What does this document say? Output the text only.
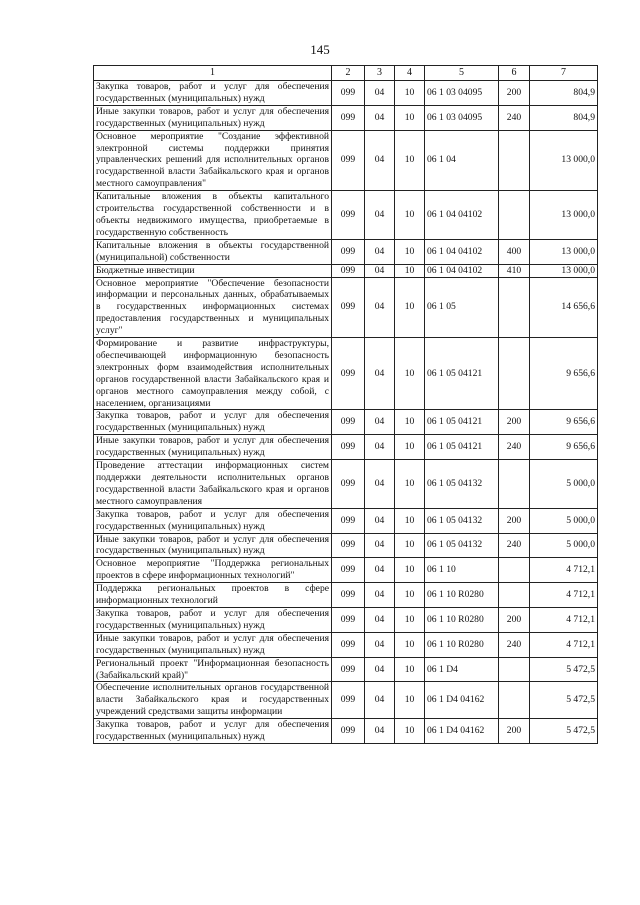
145
1	2	3	4	5	6	7
Закупка товаров, работ и услуг для обеспечения государственных (муниципальных) нужд	099	04	10	06 1 03 04095	200	804,9
Иные закупки товаров, работ и услуг для обеспечения государственных (муниципальных) нужд	099	04	10	06 1 03 04095	240	804,9
Основное мероприятие "Создание эффективной электронной системы поддержки принятия управленческих решений для исполнительных органов государственной власти Забайкальского края и органов местного самоуправления"	099	04	10	06 1 04		13 000,0
Капитальные вложения в объекты капитального строительства государственной собственности и в объекты недвижимого имущества, приобретаемые в государственную собственность	099	04	10	06 1 04 04102		13 000,0
Капитальные вложения в объекты государственной (муниципальной) собственности	099	04	10	06 1 04 04102	400	13 000,0
Бюджетные инвестиции	099	04	10	06 1 04 04102	410	13 000,0
Основное мероприятие "Обеспечение безопасности информации и персональных данных, обрабатываемых в государственных информационных системах предоставления государственных и муниципальных услуг"	099	04	10	06 1 05		14 656,6
Формирование и развитие инфраструктуры, обеспечивающей информационную безопасность электронных форм взаимодействия исполнительных органов государственной власти Забайкальского края и органов местного самоуправления между собой, с населением, организациями	099	04	10	06 1 05 04121		9 656,6
Закупка товаров, работ и услуг для обеспечения государственных (муниципальных) нужд	099	04	10	06 1 05 04121	200	9 656,6
Иные закупки товаров, работ и услуг для обеспечения государственных (муниципальных) нужд	099	04	10	06 1 05 04121	240	9 656,6
Проведение аттестации информационных систем поддержки деятельности исполнительных органов государственной власти Забайкальского края и органов местного самоуправления	099	04	10	06 1 05 04132		5 000,0
Закупка товаров, работ и услуг для обеспечения государственных (муниципальных) нужд	099	04	10	06 1 05 04132	200	5 000,0
Иные закупки товаров, работ и услуг для обеспечения государственных (муниципальных) нужд	099	04	10	06 1 05 04132	240	5 000,0
Основное мероприятие "Поддержка региональных проектов в сфере информационных технологий"	099	04	10	06 1 10		4 712,1
Поддержка региональных проектов в сфере информационных технологий	099	04	10	06 1 10 R0280		4 712,1
Закупка товаров, работ и услуг для обеспечения государственных (муниципальных) нужд	099	04	10	06 1 10 R0280	200	4 712,1
Иные закупки товаров, работ и услуг для обеспечения государственных (муниципальных) нужд	099	04	10	06 1 10 R0280	240	4 712,1
Региональный проект "Информационная безопасность (Забайкальский край)"	099	04	10	06 1 D4		5 472,5
Обеспечение исполнительных органов государственной власти Забайкальского края и государственных учреждений средствами защиты информации	099	04	10	06 1 D4 04162		5 472,5
Закупка товаров, работ и услуг для обеспечения государственных (муниципальных) нужд	099	04	10	06 1 D4 04162	200	5 472,5
